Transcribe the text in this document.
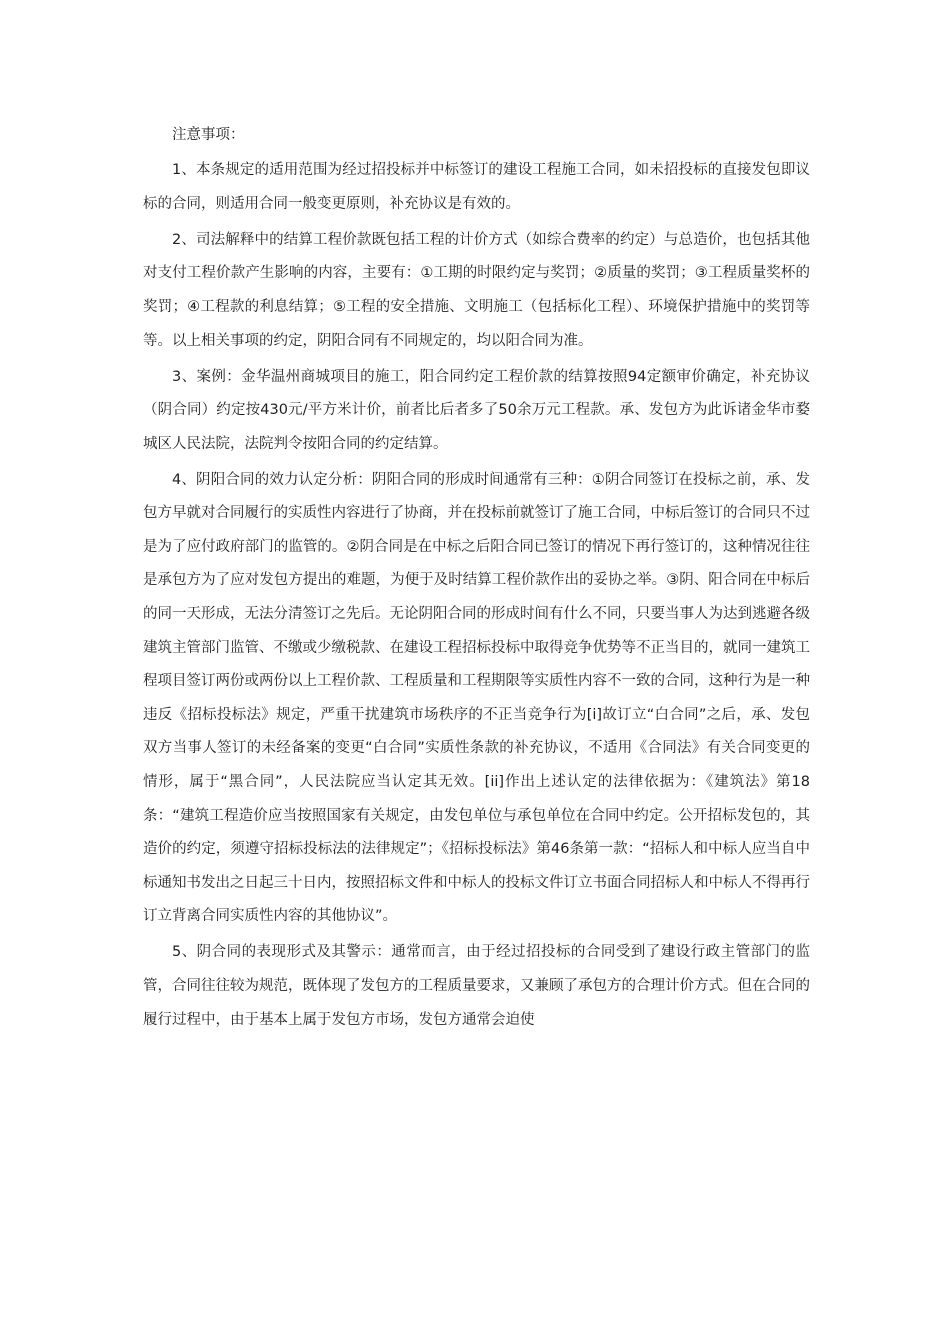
注意事项：

1、本条规定的适用范围为经过招投标并中标签订的建设工程施工合同，如未招投标的直接发包即议标的合同，则适用合同一般变更原则，补充协议是有效的。

2、司法解释中的结算工程价款既包括工程的计价方式（如综合费率的约定）与总造价，也包括其他对支付工程价款产生影响的内容，主要有：①工期的时限约定与奖罚；②质量的奖罚；③工程质量奖杯的奖罚；④工程款的利息结算；⑤工程的安全措施、文明施工（包括标化工程）、环境保护措施中的奖罚等等。以上相关事项的约定，阴阳合同有不同规定的，均以阳合同为准。

3、案例：金华温州商城项目的施工，阳合同约定工程价款的结算按照94定额审价确定，补充协议（阴合同）约定按430元/平方米计价，前者比后者多了50余万元工程款。承、发包方为此诉诸金华市婺城区人民法院，法院判令按阳合同的约定结算。

4、阴阳合同的效力认定分析：阴阳合同的形成时间通常有三种：①阴合同签订在投标之前，承、发包方早就对合同履行的实质性内容进行了协商，并在投标前就签订了施工合同，中标后签订的合同只不过是为了应付政府部门的监管的。②阴合同是在中标之后阳合同已签订的情况下再行签订的，这种情况往往是承包方为了应对发包方提出的难题，为便于及时结算工程价款作出的妥协之举。③阴、阳合同在中标后的同一天形成，无法分清签订之先后。无论阴阳合同的形成时间有什么不同，只要当事人为达到逃避各级建筑主管部门监管、不缴或少缴税款、在建设工程招标投标中取得竞争优势等不正当目的，就同一建筑工程项目签订两份或两份以上工程价款、工程质量和工程期限等实质性内容不一致的合同，这种行为是一种违反《招标投标法》规定，严重干扰建筑市场秩序的不正当竞争行为[i]故订立“白合同”之后，承、发包双方当事人签订的未经备案的变更“白合同”实质性条款的补充协议，不适用《合同法》有关合同变更的情形，属于“黑合同”，人民法院应当认定其无效。[ii]作出上述认定的法律依据为：《建筑法》第18条：“建筑工程造价应当按照国家有关规定，由发包单位与承包单位在合同中约定。公开招标发包的，其造价的约定，须遵守招标投标法的法律规定”；《招标投标法》第46条第一款：“招标人和中标人应当自中标通知书发出之日起三十日内，按照招标文件和中标人的投标文件订立书面合同招标人和中标人不得再行订立背离合同实质性内容的其他协议”。

5、阴合同的表现形式及其警示：通常而言，由于经过招投标的合同受到了建设行政主管部门的监管，合同往往较为规范，既体现了发包方的工程质量要求，又兼顾了承包方的合理计价方式。但在合同的履行过程中，由于基本上属于发包方市场，发包方通常会迫使
